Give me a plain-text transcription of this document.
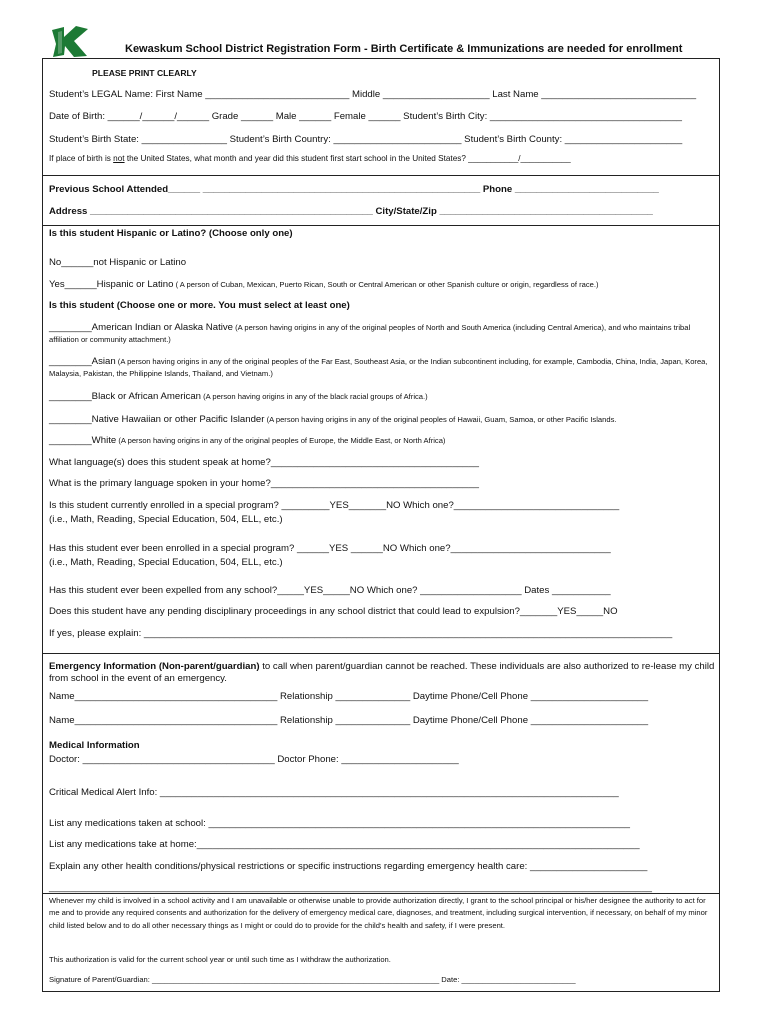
Kewaskum School District Registration Form - Birth Certificate & Immunizations are needed for enrollment
PLEASE PRINT CLEARLY
Student’s LEGAL Name: First Name ___________________________ Middle ____________________ Last Name _____________________________
Date of Birth: ______/______/______ Grade ______ Male ______ Female ______ Student’s Birth City: ____________________________________
Student’s Birth State: ________________ Student’s Birth Country: ________________________ Student’s Birth County: ______________________
If place of birth is not the United States, what month and year did this student first start school in the United States? ___________/___________
Previous School Attended______ ____________________________________________________ Phone ___________________________
Address _____________________________________________________ City/State/Zip ________________________________________
Is this student Hispanic or Latino? (Choose only one)
No______not Hispanic or Latino
Yes______Hispanic or Latino ( A person of Cuban, Mexican, Puerto Rican, South or Central American or other Spanish culture or origin, regardless of race.)
Is this student (Choose one or more. You must select at least one)
________American Indian or Alaska Native (A person having origins in any of the original peoples of North and South America (including Central America), and who maintains tribal affiliation or community attachment.)
________Asian (A person having origins in any of the original peoples of the Far East, Southeast Asia, or the Indian subcontinent including, for example, Cambodia, China, India, Japan, Korea, Malaysia, Pakistan, the Philippine Islands, Thailand, and Vietnam.)
________Black or African American (A person having origins in any of the black racial groups of Africa.)
________Native Hawaiian or other Pacific Islander (A person having origins in any of the original peoples of Hawaii, Guam, Samoa, or other Pacific Islands.
________White (A person having origins in any of the original peoples of Europe, the Middle East, or North Africa)
What language(s) does this student speak at home?_______________________________________
What is the primary language spoken in your home?_______________________________________
Is this student currently enrolled in a special program? _________YES_______NO Which one?_______________________________
(i.e., Math, Reading, Special Education, 504, ELL, etc.)
Has this student ever been enrolled in a special program? ______YES ______NO Which one?______________________________
(i.e., Math, Reading, Special Education, 504, ELL, etc.)
Has this student ever been expelled from any school?_____YES_____NO Which one? ___________________ Dates ___________
Does this student have any pending disciplinary proceedings in any school district that could lead to expulsion?_______YES_____NO
If yes, please explain: ___________________________________________________________________________________________________
Emergency Information (Non-parent/guardian) to call when parent/guardian cannot be reached. These individuals are also authorized to re-lease my child from school in the event of an emergency.
Name______________________________________ Relationship ______________ Daytime Phone/Cell Phone ______________________
Name______________________________________ Relationship ______________ Daytime Phone/Cell Phone ______________________
Medical Information
Doctor: ____________________________________ Doctor Phone: ______________________
Critical Medical Alert Info: ______________________________________________________________________________________
List any medications taken at school: _______________________________________________________________________________
List any medications take at home:___________________________________________________________________________________
Explain any other health conditions/physical restrictions or specific instructions regarding emergency health care: ______________________
_________________________________________________________________________________________________________________
Whenever my child is involved in a school activity and I am unavailable or otherwise unable to provide authorization directly, I grant to the school principal or his/her designee the authority to act for me and to provide any required consents and authorization for the delivery of emergency medical care, diagnoses, and treatment, including surgical intervention, if necessary, on behalf of my minor child listed below and to do all other necessary things as I might or could do to provide for the child’s health and safety, if I were present.
This authorization is valid for the current school year or until such time as I withdraw the authorization.
Signature of Parent/Guardian: ____________________________________________________________________ Date: ___________________________
